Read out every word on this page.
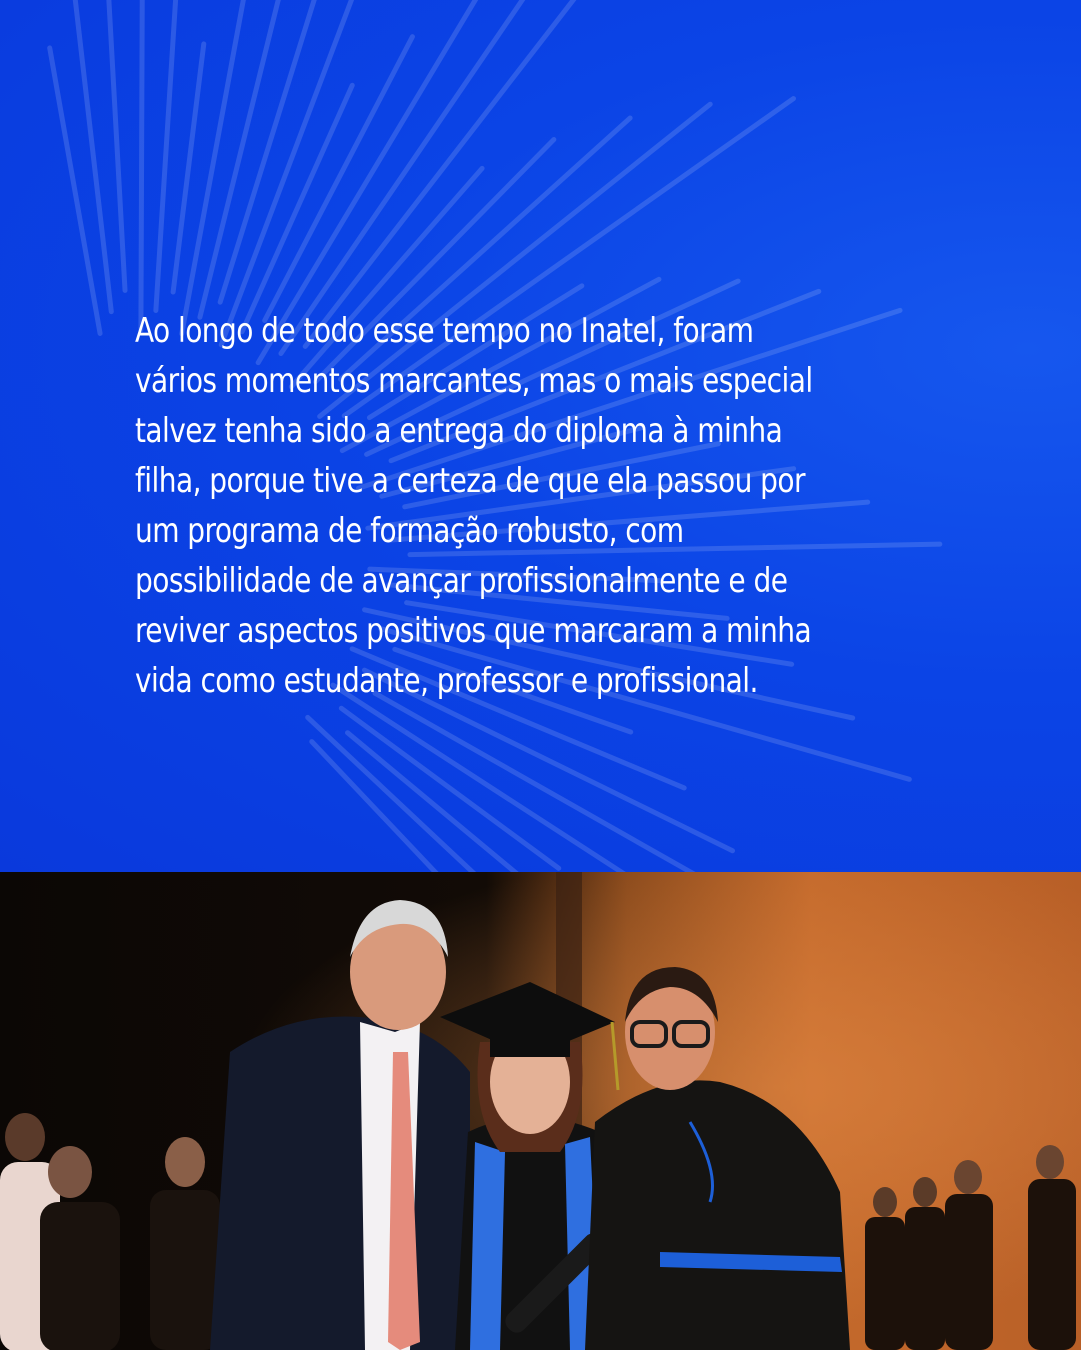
Ao longo de todo esse tempo no Inatel, foram
vários momentos marcantes, mas o mais especial
talvez tenha sido a entrega do diploma à minha
filha, porque tive a certeza de que ela passou por
um programa de formação robusto, com
possibilidade de avançar profissionalmente e de
reviver aspectos positivos que marcaram a minha
vida como estudante, professor e profissional.
